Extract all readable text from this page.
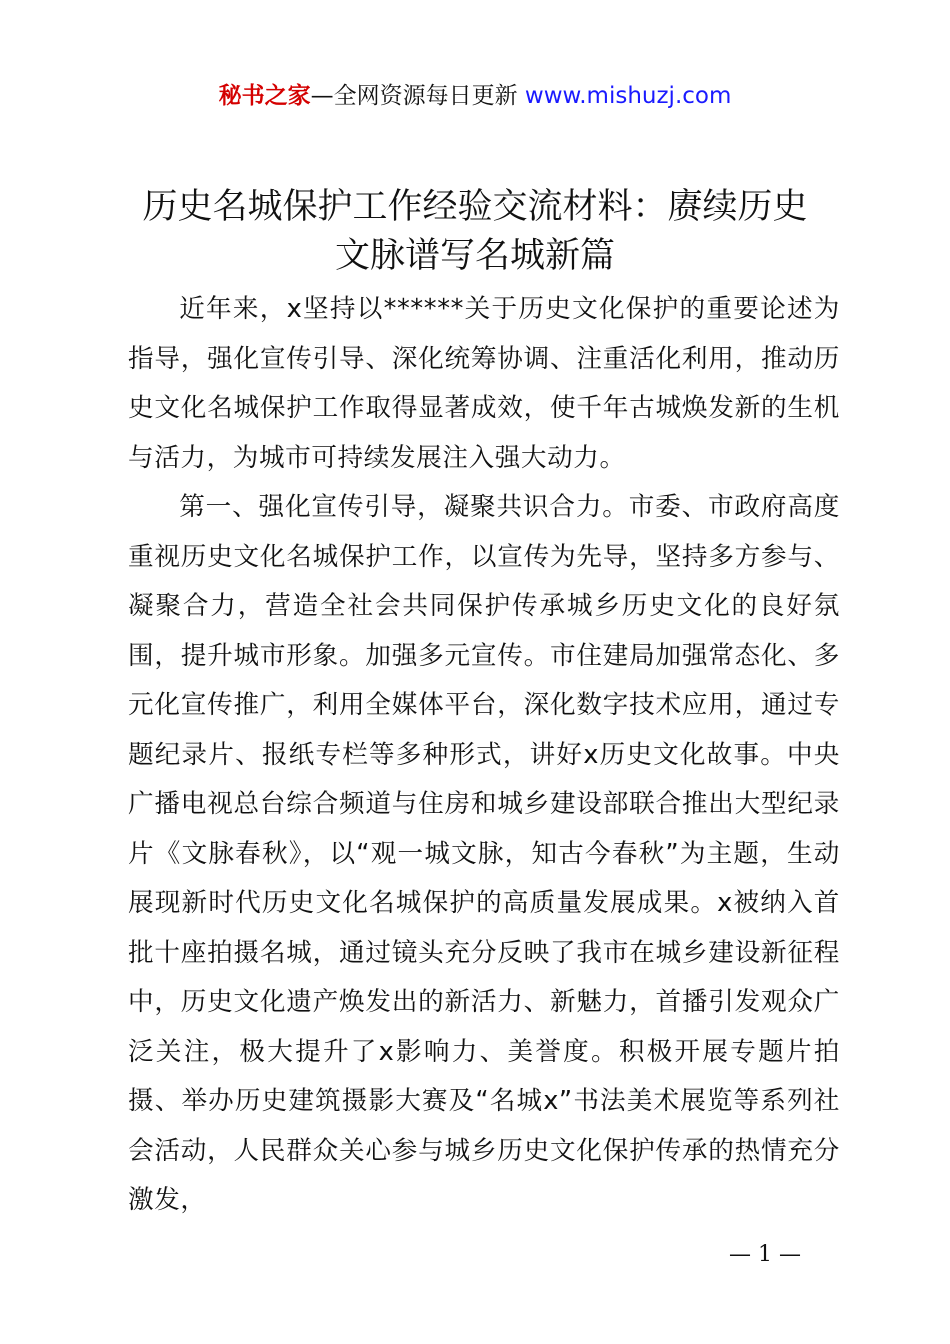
秘书之家—全网资源每日更新 www.mishuzj.com
历史名城保护工作经验交流材料：赓续历史
文脉谱写名城新篇

近年来，x坚持以******关于历史文化保护的重要论述为指导，强化宣传引导、深化统筹协调、注重活化利用，推动历史文化名城保护工作取得显著成效，使千年古城焕发新的生机与活力，为城市可持续发展注入强大动力。

第一、强化宣传引导，凝聚共识合力。市委、市政府高度重视历史文化名城保护工作，以宣传为先导，坚持多方参与、凝聚合力，营造全社会共同保护传承城乡历史文化的良好氛围，提升城市形象。加强多元宣传。市住建局加强常态化、多元化宣传推广，利用全媒体平台，深化数字技术应用，通过专题纪录片、报纸专栏等多种形式，讲好x历史文化故事。中央广播电视总台综合频道与住房和城乡建设部联合推出大型纪录片《文脉春秋》，以“观一城文脉，知古今春秋”为主题，生动展现新时代历史文化名城保护的高质量发展成果。x被纳入首批十座拍摄名城，通过镜头充分反映了我市在城乡建设新征程中，历史文化遗产焕发出的新活力、新魅力，首播引发观众广泛关注，极大提升了x影响力、美誉度。积极开展专题片拍摄、举办历史建筑摄影大赛及“名城x”书法美术展览等系列社会活动，人民群众关心参与城乡历史文化保护传承的热情充分激发，

— 1 —
